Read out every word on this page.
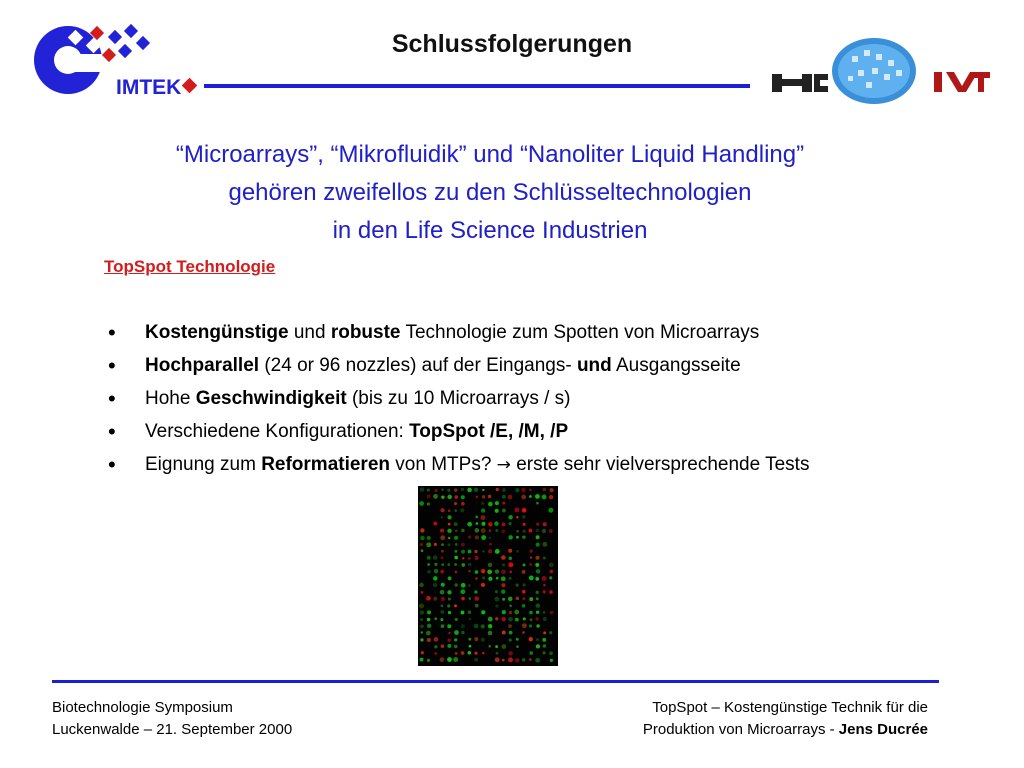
IMTEK
Schlussfolgerungen
“Microarrays”, “Mikrofluidik” und “Nanoliter Liquid Handling”
gehören zweifellos zu den Schlüsseltechnologien
in den Life Science Industrien
TopSpot Technologie
• Kostengünstige und robuste Technologie zum Spotten von Microarrays
• Hochparallel (24 or 96 nozzles) auf der Eingangs- und Ausgangsseite
• Hohe Geschwindigkeit (bis zu 10 Microarrays / s)
• Verschiedene Konfigurationen: TopSpot /E, /M, /P
• Eignung zum Reformatieren von MTPs? → erste sehr vielversprechende Tests
Biotechnologie Symposium
Luckenwalde – 21. September 2000
TopSpot – Kostengünstige Technik für die
Produktion von Microarrays - Jens Ducrée
